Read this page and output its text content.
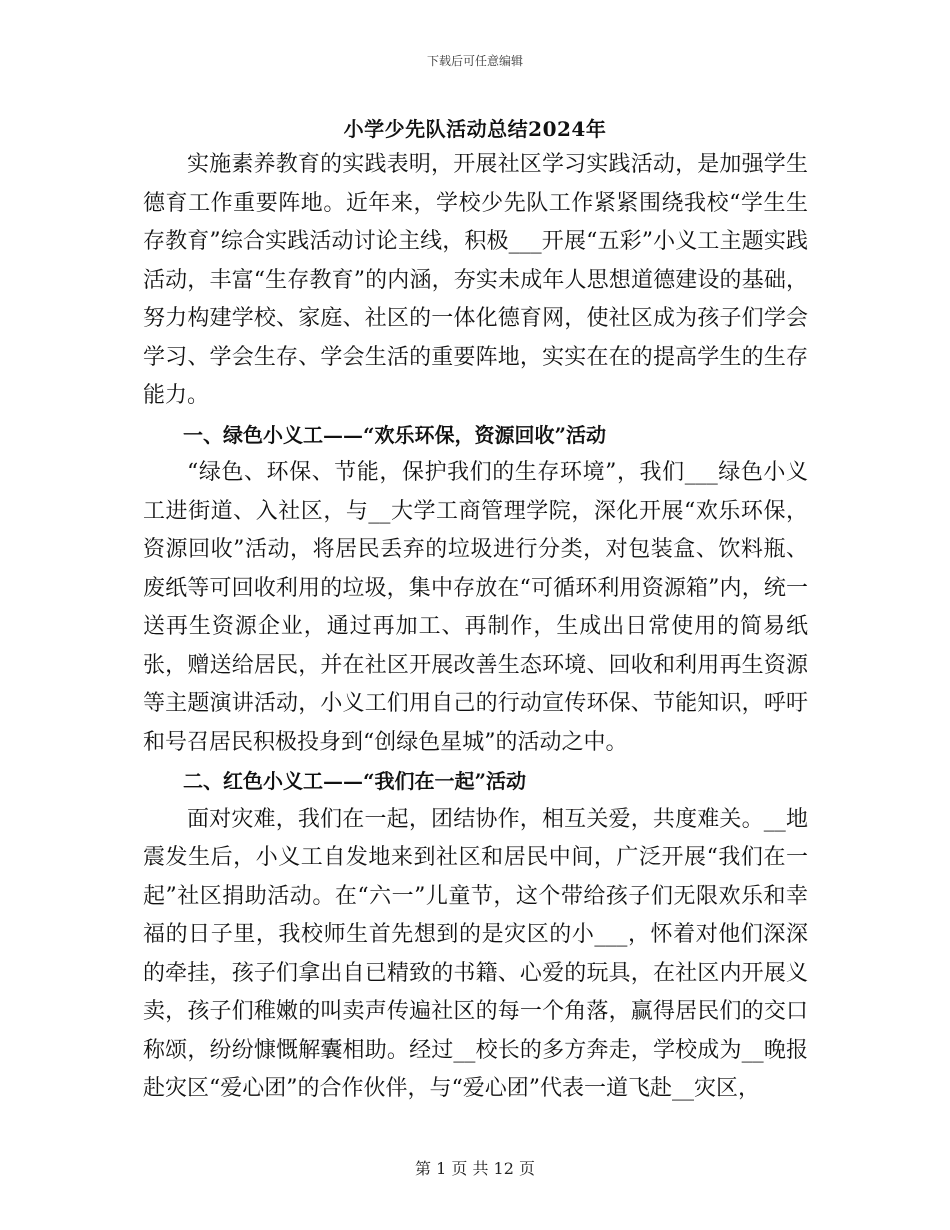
下载后可任意编辑
小学少先队活动总结2024年

实施素养教育的实践表明，开展社区学习实践活动，是加强学生德育工作重要阵地。近年来，学校少先队工作紧紧围绕我校“学生生存教育”综合实践活动讨论主线，积极___开展“五彩”小义工主题实践活动，丰富“生存教育”的内涵，夯实未成年人思想道德建设的基础，努力构建学校、家庭、社区的一体化德育网，使社区成为孩子们学会学习、学会生存、学会生活的重要阵地，实实在在的提高学生的生存能力。

一、绿色小义工——“欢乐环保，资源回收”活动

“绿色、环保、节能，保护我们的生存环境”，我们___绿色小义工进街道、入社区，与__大学工商管理学院，深化开展“欢乐环保，资源回收”活动，将居民丢弃的垃圾进行分类，对包装盒、饮料瓶、废纸等可回收利用的垃圾，集中存放在“可循环利用资源箱”内，统一送再生资源企业，通过再加工、再制作，生成出日常使用的简易纸张，赠送给居民，并在社区开展改善生态环境、回收和利用再生资源等主题演讲活动，小义工们用自己的行动宣传环保、节能知识，呼吁和号召居民积极投身到“创绿色星城”的活动之中。

二、红色小义工——“我们在一起”活动

面对灾难，我们在一起，团结协作，相互关爱，共度难关。__地震发生后，小义工自发地来到社区和居民中间，广泛开展“我们在一起”社区捐助活动。在“六一”儿童节，这个带给孩子们无限欢乐和幸福的日子里，我校师生首先想到的是灾区的小___，怀着对他们深深的牵挂，孩子们拿出自已精致的书籍、心爱的玩具，在社区内开展义卖，孩子们稚嫩的叫卖声传遍社区的每一个角落，赢得居民们的交口称颂，纷纷慷慨解囊相助。经过__校长的多方奔走，学校成为__晚报赴灾区“爱心团”的合作伙伴，与“爱心团”代表一道飞赴__灾区，

第 1 页 共 12 页
